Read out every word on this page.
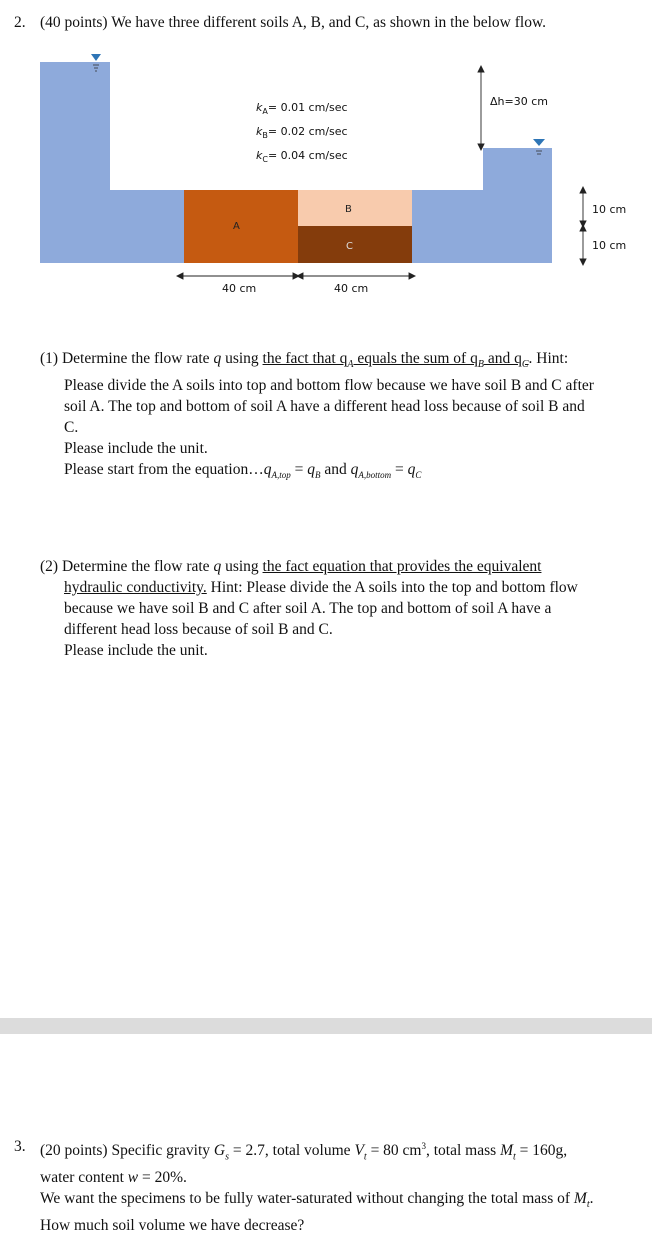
2. (40 points) We have three different soils A, B, and C, as shown in the below flow.
$k_A= 0.01$ cm/sec
$k_B= 0.02$ cm/sec
$k_C= 0.04$ cm/sec
Δh=30 cm
A
B
C
10 cm
10 cm
40 cm	40 cm
(1) Determine the flow rate q using the fact that $q_A$ equals the sum of $q_B$ and $q_C$. Hint:
Please divide the A soils into top and bottom flow because we have soil B and C after
soil A. The top and bottom of soil A have a different head loss because of soil B and
C.
Please include the unit.
Please start from the $equation\dots q_{A,top} = q_B$ and $q_{A,bottom} = q_C$
(2) Determine the flow rate q using the fact equation that provides the equivalent
hydraulic conductivity. Hint: Please divide the A soils into the top and bottom flow
because we have soil B and C after soil A. The top and bottom of soil A have a
different head loss because of soil B and C.
Please include the unit.
3. (20 points) Specific gravity $G_s = 2.7$, total volume $V_t = 80$ $cm^3$, total mass $M_t = 160g$,
water content w = 20%.
We want the specimens to be fully water-saturated without changing the total mass of $M_t$.
How much soil volume we have decrease?
